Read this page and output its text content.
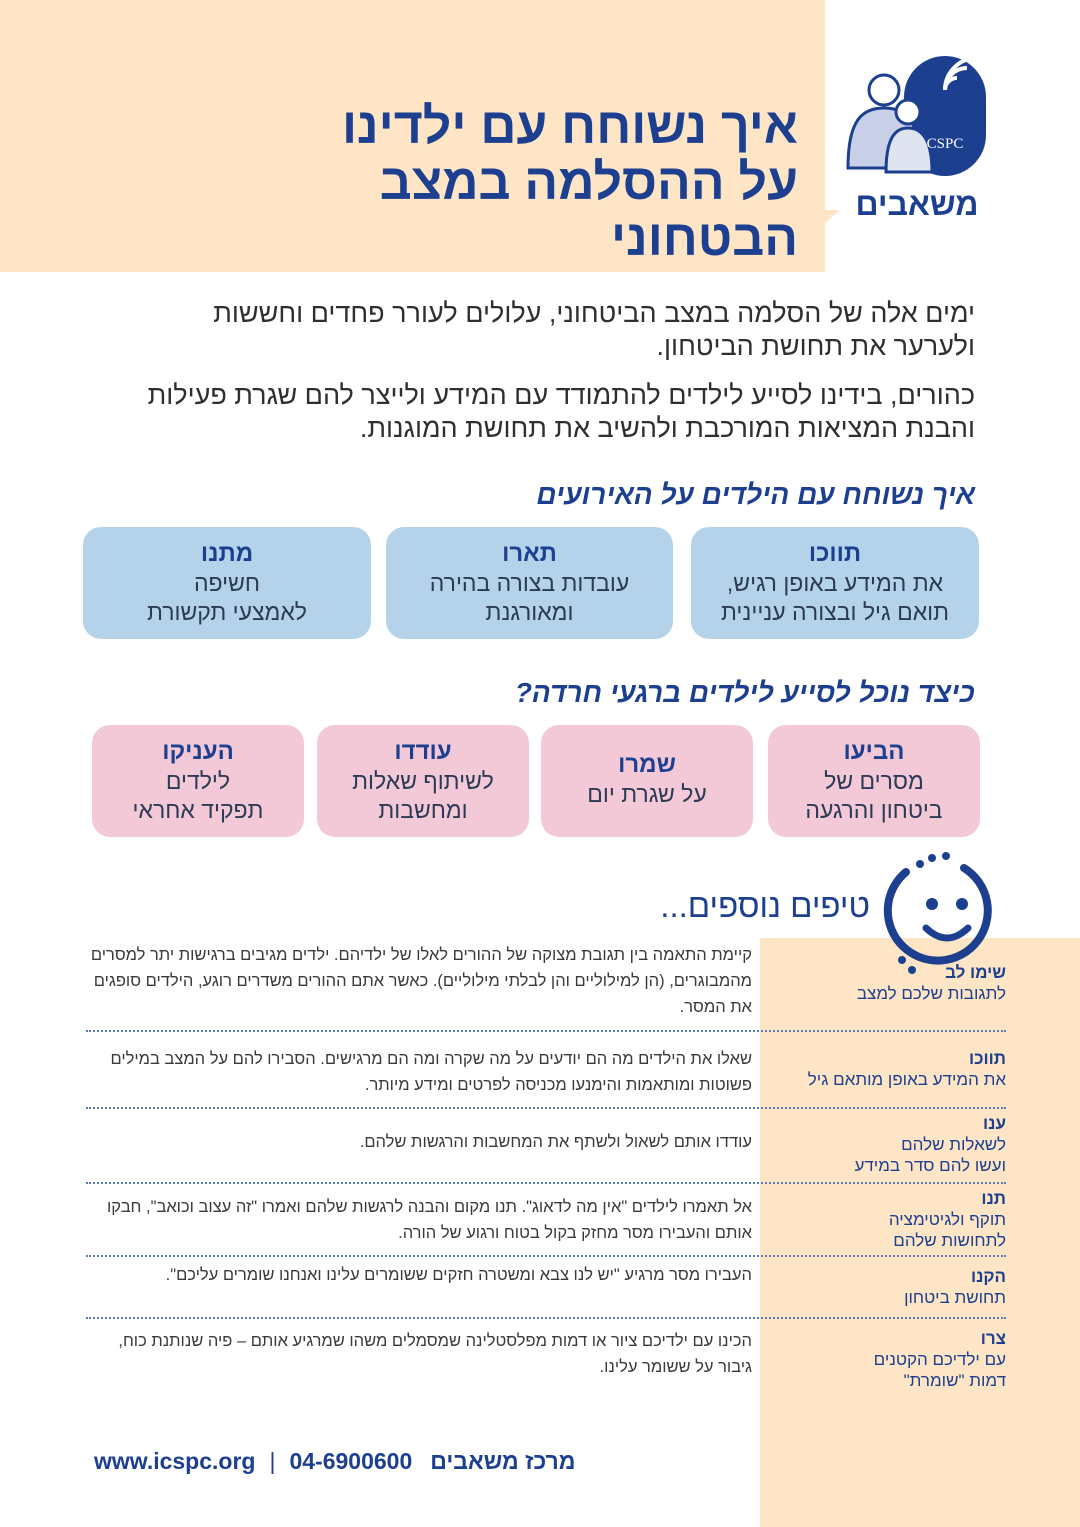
איך נשוחח עם ילדינו
על ההסלמה במצב הבטחוני
CSPC
משאבים
ימים אלה של הסלמה במצב הביטחוני, עלולים לעורר פחדים וחששות ולערער את תחושת הביטחון.
כהורים, בידינו לסייע לילדים להתמודד עם המידע ולייצר להם שגרת פעילות והבנת המציאות המורכבת ולהשיב את תחושת המוגנות.
איך נשוחח עם הילדים על האירועים
תווכו
את המידע באופן רגיש,
תואם גיל ובצורה עניינית
תארו
עובדות בצורה בהירה
ומאורגנת
מתנו
חשיפה
לאמצעי תקשורת
כיצד נוכל לסייע לילדים ברגעי חרדה?
הביעו
מסרים של
ביטחון והרגעה
שמרו
על שגרת יום
עודדו
לשיתוף שאלות
ומחשבות
העניקו
לילדים
תפקיד אחראי
טיפים נוספים...
קיימת התאמה בין תגובת מצוקה של ההורים לאלו של ילדיהם. ילדים מגיבים ברגישות יתר למסרים מהמבוגרים, (הן למילוליים והן לבלתי מילוליים). כאשר אתם ההורים משדרים רוגע, הילדים סופגים את המסר.
שימו לב
לתגובות שלכם למצב
שאלו את הילדים מה הם יודעים על מה שקרה ומה הם מרגישים. הסבירו להם על המצב במילים פשוטות ומותאמות והימנעו מכניסה לפרטים ומידע מיותר.
תווכו
את המידע באופן מותאם גיל
עודדו אותם לשאול ולשתף את המחשבות והרגשות שלהם.
ענו
לשאלות שלהם
ועשו להם סדר במידע
אל תאמרו לילדים "אין מה לדאוג". תנו מקום והבנה לרגשות שלהם ואמרו "זה עצוב וכואב", חבקו אותם והעבירו מסר מחזק בקול בטוח ורגוע של הורה.
תנו
תוקף ולגיטימציה
לתחושות שלהם
העבירו מסר מרגיע "יש לנו צבא ומשטרה חזקים ששומרים עלינו ואנחנו שומרים עליכם".	הקנו
תחושת ביטחון
הכינו עם ילדיכם ציור או דמות מפלסטלינה שמסמלים משהו שמרגיע אותם – פיה שנותנת כוח, גיבור על ששומר עלינו.
צרו
עם ילדיכם הקטנים
דמות "שומרת"
www.icspc.org | 04-6900600 מרכז משאבים
